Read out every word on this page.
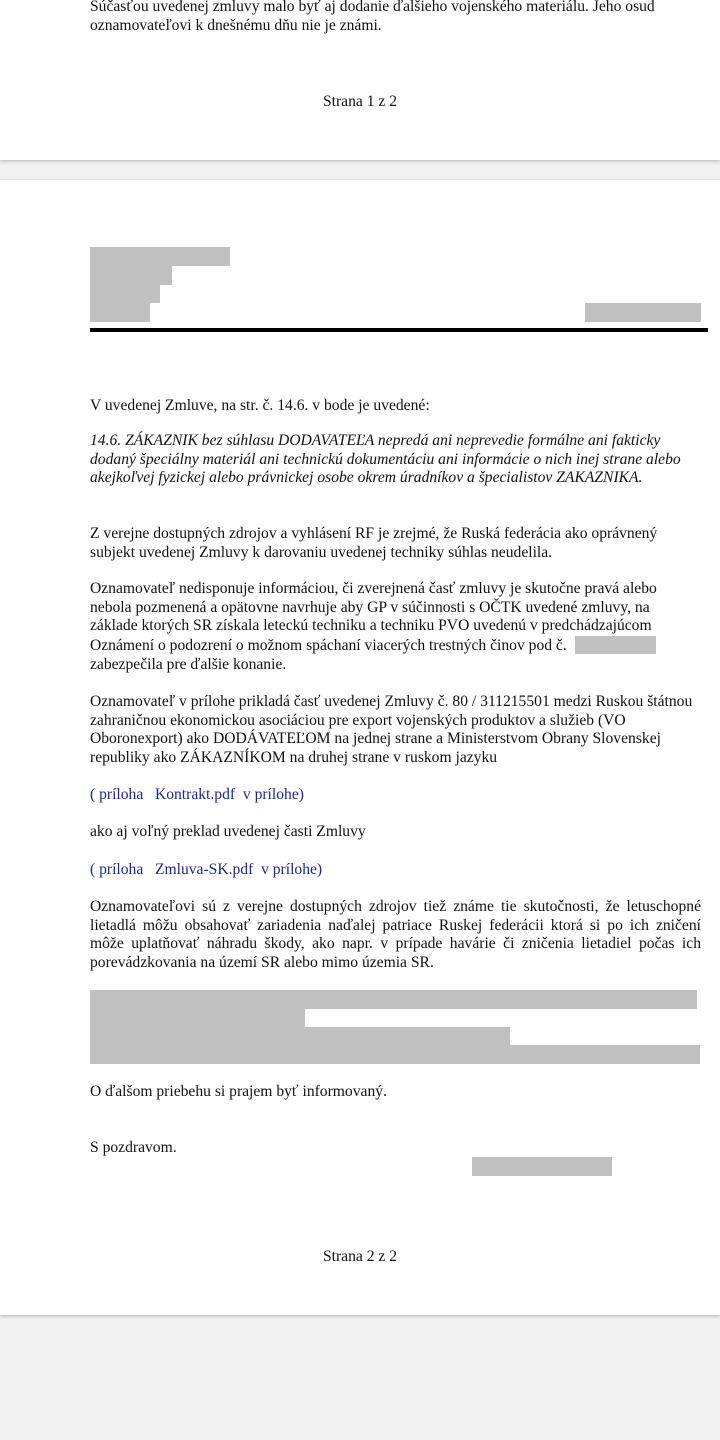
Súčasťou uvedenej zmluvy malo byť aj dodanie ďalšieho vojenského materiálu. Jeho osud oznamovateľovi k dnešnému dňu nie je známi.

Strana 1 z 2

V uvedenej Zmluve, na str. č. 14.6. v bode je uvedené:

14.6. ZÁKAZNIK bez súhlasu DODAVATEĽA nepredá ani neprevedie formálne ani fakticky dodaný špeciálny materiál ani technickú dokumentáciu ani informácie o nich inej strane alebo akejkoľvej fyzickej alebo právnickej osobe okrem úradníkov a špecialistov ZAKAZNIKA.

Z verejne dostupných zdrojov a vyhlásení RF je zrejmé, že Ruská federácia ako oprávnený subjekt uvedenej Zmluvy k darovaniu uvedenej techniky súhlas neudelila.

Oznamovateľ nedisponuje informáciou, či zverejnená časť zmluvy je skutočne pravá alebo nebola pozmenená a opätovne navrhuje aby GP v súčinnosti s OČTK uvedené zmluvy, na základe ktorých SR získala leteckú techniku a techniku PVO uvedenú v predchádzajúcom Oznámení o podozrení o možnom spáchaní viacerých trestných činov pod č.
zabezpečila pre ďalšie konanie.

Oznamovateľ v prílohe prikladá časť uvedenej Zmluvy č. 80 / 311215501 medzi Ruskou štátnou zahraničnou ekonomickou asociáciou pre export vojenských produktov a služieb (VO Oboronexport) ako DODÁVATEĽOM na jednej strane a Ministerstvom Obrany Slovenskej republiky ako ZÁKAZNÍKOM na druhej strane v ruskom jazyku

( príloha   Kontrakt.pdf  v prílohe)

ako aj voľný preklad uvedenej časti Zmluvy

( príloha   Zmluva-SK.pdf  v prílohe)

Oznamovateľovi sú z verejne dostupných zdrojov tiež známe tie skutočnosti, že letuschopné lietadlá môžu obsahovať zariadenia naďalej patriace Ruskej federácii ktorá si po ich zničení môže uplatňovať náhradu škody, ako napr. v prípade havárie či zničenia lietadiel počas ich porevádzkovania na území SR alebo mimo územia SR.

O ďalšom priebehu si prajem byť informovaný.

S pozdravom.

Strana 2 z 2
